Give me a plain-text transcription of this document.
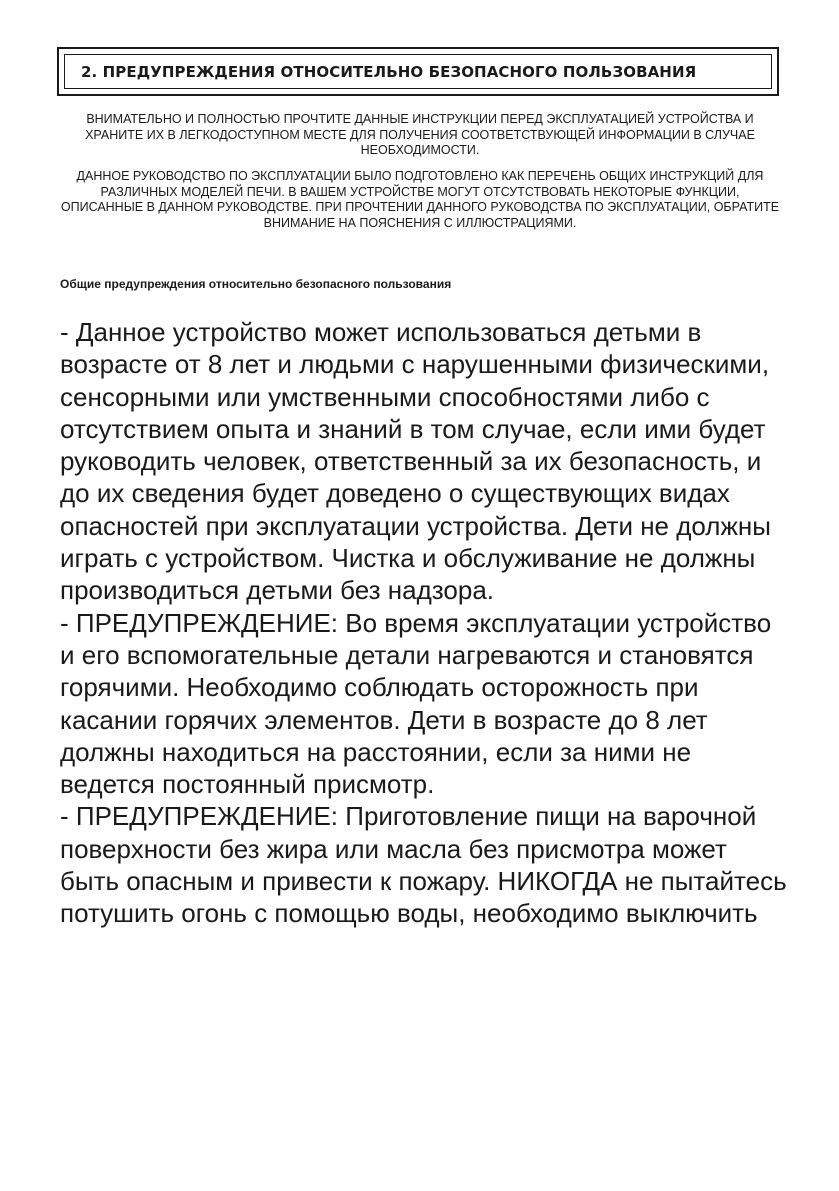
2. ПРЕДУПРЕЖДЕНИЯ ОТНОСИТЕЛЬНО БЕЗОПАСНОГО ПОЛЬЗОВАНИЯ
ВНИМАТЕЛЬНО И ПОЛНОСТЬЮ ПРОЧТИТЕ ДАННЫЕ ИНСТРУКЦИИ ПЕРЕД ЭКСПЛУАТАЦИЕЙ УСТРОЙСТВА И ХРАНИТЕ ИХ В ЛЕГКОДОСТУПНОМ МЕСТЕ ДЛЯ ПОЛУЧЕНИЯ СООТВЕТСТВУЮЩЕЙ ИНФОРМАЦИИ В СЛУЧАЕ НЕОБХОДИМОСТИ.
ДАННОЕ РУКОВОДСТВО ПО ЭКСПЛУАТАЦИИ БЫЛО ПОДГОТОВЛЕНО КАК ПЕРЕЧЕНЬ ОБЩИХ ИНСТРУКЦИЙ ДЛЯ РАЗЛИЧНЫХ МОДЕЛЕЙ ПЕЧИ. В ВАШЕМ УСТРОЙСТВЕ МОГУТ ОТСУТСТВОВАТЬ НЕКОТОРЫЕ ФУНКЦИИ, ОПИСАННЫЕ В ДАННОМ РУКОВОДСТВЕ. ПРИ ПРОЧТЕНИИ ДАННОГО РУКОВОДСТВА ПО ЭКСПЛУАТАЦИИ, ОБРАТИТЕ ВНИМАНИЕ НА ПОЯСНЕНИЯ С ИЛЛЮСТРАЦИЯМИ.
Общие предупреждения относительно безопасного пользования

- Данное устройство может использоваться детьми в возрасте от 8 лет и людьми с нарушенными физическими, сенсорными или умственными способностями либо с отсутствием опыта и знаний в том случае, если ими будет руководить человек, ответственный за их безопасность, и до их сведения будет доведено о существующих видах опасностей при эксплуатации устройства. Дети не должны играть с устройством. Чистка и обслуживание не должны производиться детьми без надзора.

- ПРЕДУПРЕЖДЕНИЕ: Во время эксплуатации устройство и его вспомогательные детали нагреваются и становятся горячими. Необходимо соблюдать осторожность при касании горячих элементов. Дети в возрасте до 8 лет должны находиться на расстоянии, если за ними не ведется постоянный присмотр.

- ПРЕДУПРЕЖДЕНИЕ: Приготовление пищи на варочной поверхности без жира или масла без присмотра может быть опасным и привести к пожару. НИКОГДА не пытайтесь потушить огонь с помощью воды, необходимо выключить
